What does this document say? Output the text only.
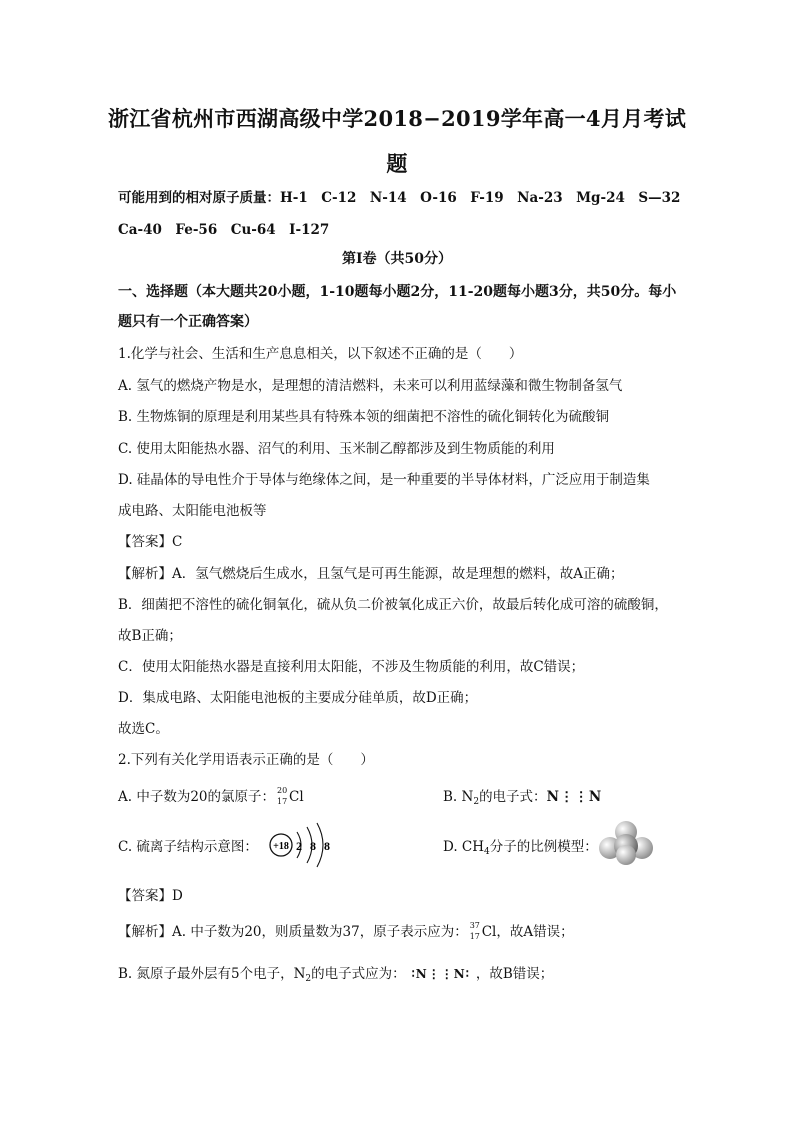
浙江省杭州市西湖高级中学2018−2019学年高一4月月考试
题
可能用到的相对原子质量：H-1　C-12　N-14　O-16　F-19　Na-23　Mg-24　S—32
Ca-40　Fe-56　Cu-64　I-127
第I卷（共50分）
一、选择题（本大题共20小题，1-10题每小题2分，11-20题每小题3分，共50分。每小
题只有一个正确答案）
1.化学与社会、生活和生产息息相关，以下叙述不正确的是（　　）
A. 氢气的燃烧产物是水，是理想的清洁燃料，未来可以利用蓝绿藻和微生物制备氢气
B. 生物炼铜的原理是利用某些具有特殊本领的细菌把不溶性的硫化铜转化为硫酸铜
C. 使用太阳能热水器、沼气的利用、玉米制乙醇都涉及到生物质能的利用
D. 硅晶体的导电性介于导体与绝缘体之间，是一种重要的半导体材料，广泛应用于制造集
成电路、太阳能电池板等
【答案】C
【解析】A．氢气燃烧后生成水，且氢气是可再生能源，故是理想的燃料，故A正确；
B．细菌把不溶性的硫化铜氧化，硫从负二价被氧化成正六价，故最后转化成可溶的硫酸铜，
故B正确；
C．使用太阳能热水器是直接利用太阳能，不涉及生物质能的利用，故C错误；
D．集成电路、太阳能电池板的主要成分硅单质，故D正确；
故选C。
2.下列有关化学用语表示正确的是（　　）
A. 中子数为20的氯原子： 20
17 Cl	B. $N_2$的电子式：N⋮⋮N
C. 硫离子结构示意图： +18 2 8 8	D. $CH_4$分子的比例模型：
【答案】D
【解析】A. 中子数为20，则质量数为37，原子表示应为： 37
17 Cl，故A错误；
B. 氮原子最外层有5个电子，$N_2$的电子式应为： ∶N⋮⋮N∶ ，故B错误；
